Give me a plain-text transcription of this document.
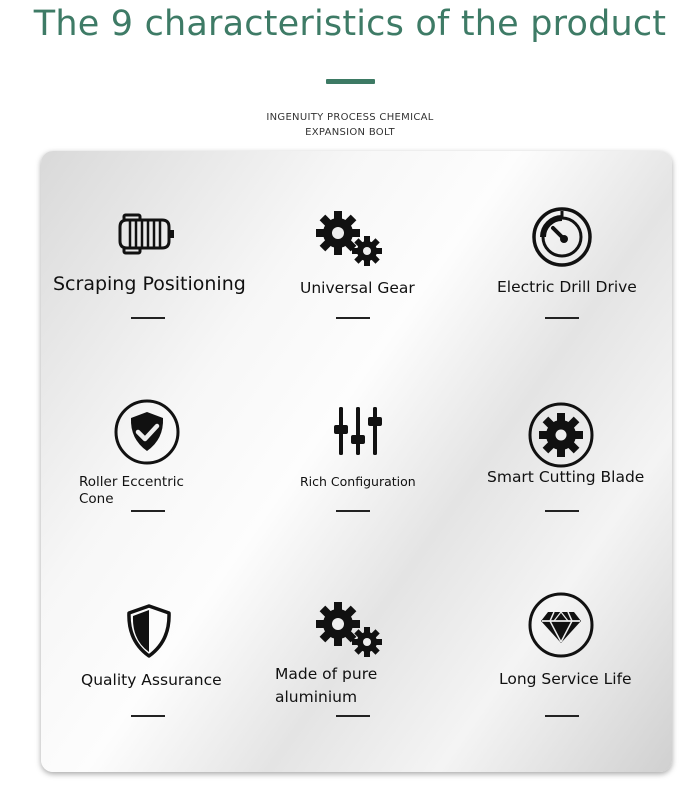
The 9 characteristics of the product
INGENUITY PROCESS CHEMICAL
EXPANSION BOLT
Scraping Positioning	Universal Gear	Electric Drill Drive
Roller Eccentric
Cone
Rich Configuration	Smart Cutting Blade
Quality Assurance	Made of pure
aluminium
Long Service Life
